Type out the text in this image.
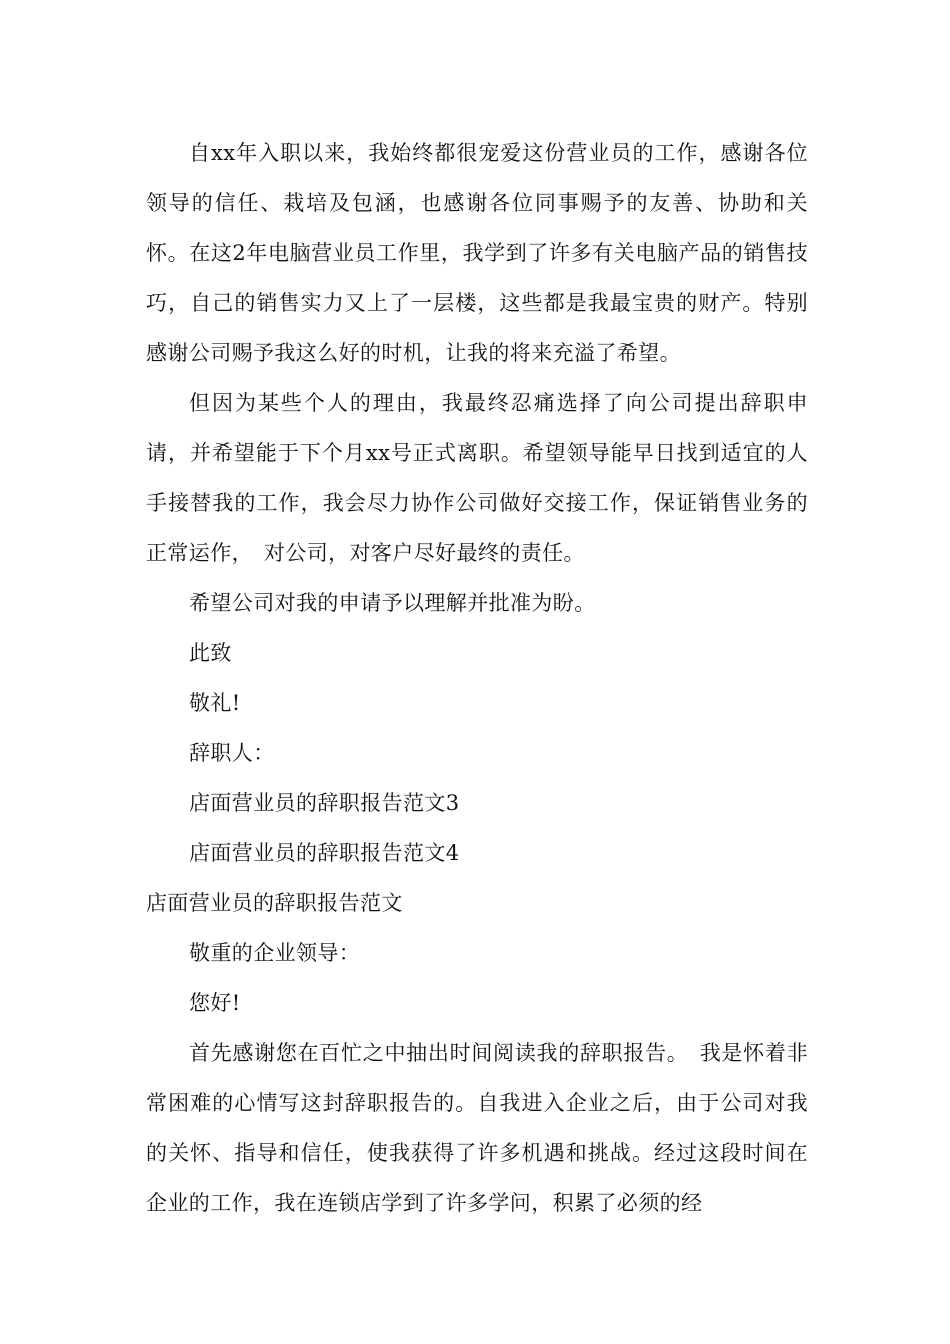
自xx年入职以来，我始终都很宠爱这份营业员的工作，感谢各位领导的信任、栽培及包涵，也感谢各位同事赐予的友善、协助和关怀。在这2年电脑营业员工作里，我学到了许多有关电脑产品的销售技巧，自己的销售实力又上了一层楼，这些都是我最宝贵的财产。特别感谢公司赐予我这么好的时机，让我的将来充溢了希望。

但因为某些个人的理由，我最终忍痛选择了向公司提出辞职申请，并希望能于下个月xx号正式离职。希望领导能早日找到适宜的人手接替我的工作，我会尽力协作公司做好交接工作，保证销售业务的正常运作，　对公司，对客户尽好最终的责任。

希望公司对我的申请予以理解并批准为盼。

此致

敬礼!

辞职人：

店面营业员的辞职报告范文3

店面营业员的辞职报告范文4

店面营业员的辞职报告范文

敬重的企业领导：

您好!

首先感谢您在百忙之中抽出时间阅读我的辞职报告。　我是怀着非常困难的心情写这封辞职报告的。自我进入企业之后，由于公司对我的关怀、指导和信任，使我获得了许多机遇和挑战。经过这段时间在企业的工作，我在连锁店学到了许多学问，积累了必须的经
